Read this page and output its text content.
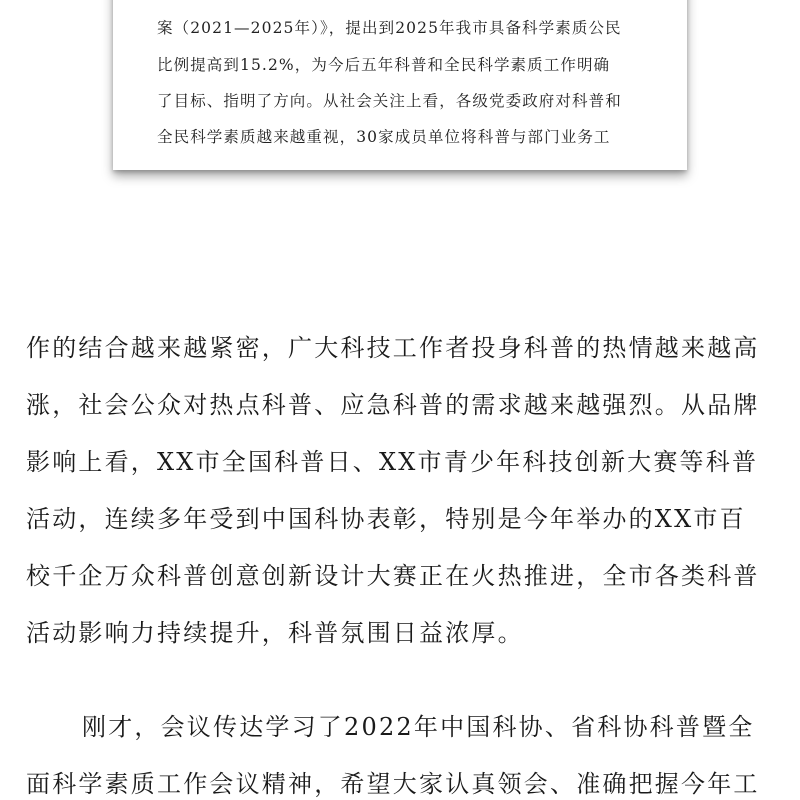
案（2021—2025年）》，提出到2025年我市具备科学素质公民
比例提高到15.2%，为今后五年科普和全民科学素质工作明确
了目标、指明了方向。从社会关注上看，各级党委政府对科普和
全民科学素质越来越重视，30家成员单位将科普与部门业务工
作的结合越来越紧密，广大科技工作者投身科普的热情越来越高
涨，社会公众对热点科普、应急科普的需求越来越强烈。从品牌
影响上看，XX市全国科普日、XX市青少年科技创新大赛等科普
活动，连续多年受到中国科协表彰，特别是今年举办的XX市百
校千企万众科普创意创新设计大赛正在火热推进，全市各类科普
活动影响力持续提升，科普氛围日益浓厚。
刚才，会议传达学习了2022年中国科协、省科协科普暨全
面科学素质工作会议精神，希望大家认真领会、准确把握今年工
